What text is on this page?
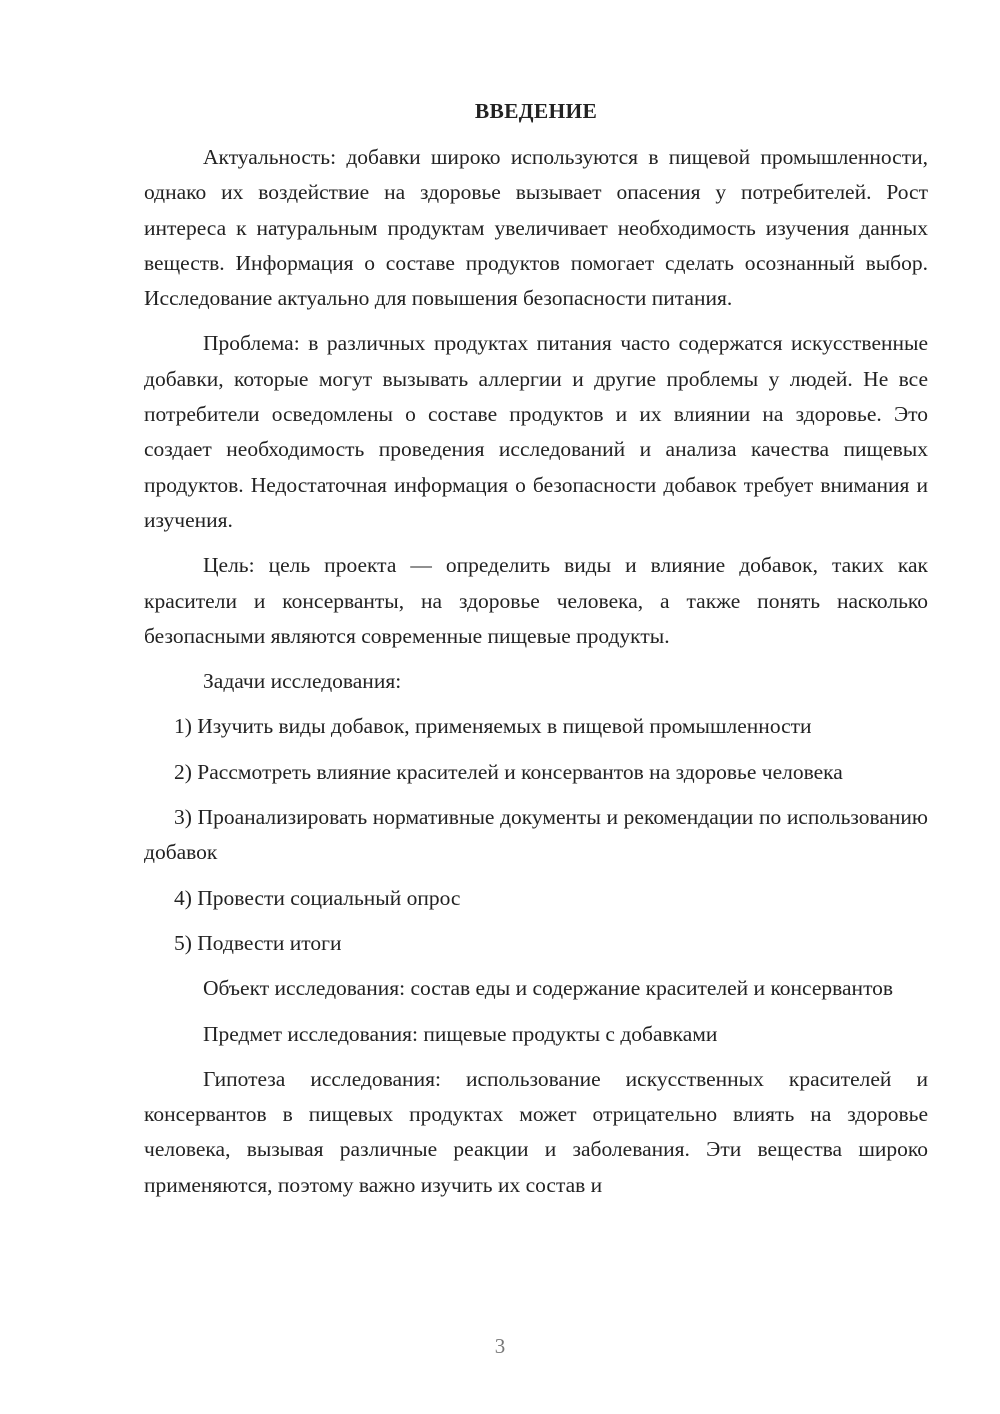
ВВЕДЕНИЕ

Актуальность: добавки широко используются в пищевой промышленности, однако их воздействие на здоровье вызывает опасения у потребителей. Рост интереса к натуральным продуктам увеличивает необходимость изучения данных веществ. Информация о составе продуктов помогает сделать осознанный выбор. Исследование актуально для повышения безопасности питания.

Проблема: в различных продуктах питания часто содержатся искусственные добавки, которые могут вызывать аллергии и другие проблемы у людей. Не все потребители осведомлены о составе продуктов и их влиянии на здоровье. Это создает необходимость проведения исследований и анализа качества пищевых продуктов. Недостаточная информация о безопасности добавок требует внимания и изучения.

Цель: цель проекта — определить виды и влияние добавок, таких как красители и консерванты, на здоровье человека, а также понять насколько безопасными являются современные пищевые продукты.

Задачи исследования:

1) Изучить виды добавок, применяемых в пищевой промышленности

2) Рассмотреть влияние красителей и консервантов на здоровье человека

3) Проанализировать нормативные документы и рекомендации по использованию добавок

4) Провести социальный опрос

5) Подвести итоги

Объект исследования: состав еды и содержание красителей и консервантов

Предмет исследования: пищевые продукты с добавками

Гипотеза исследования: использование искусственных красителей и консервантов в пищевых продуктах может отрицательно влиять на здоровье человека, вызывая различные реакции и заболевания. Эти вещества широко применяются, поэтому важно изучить их состав и

3
